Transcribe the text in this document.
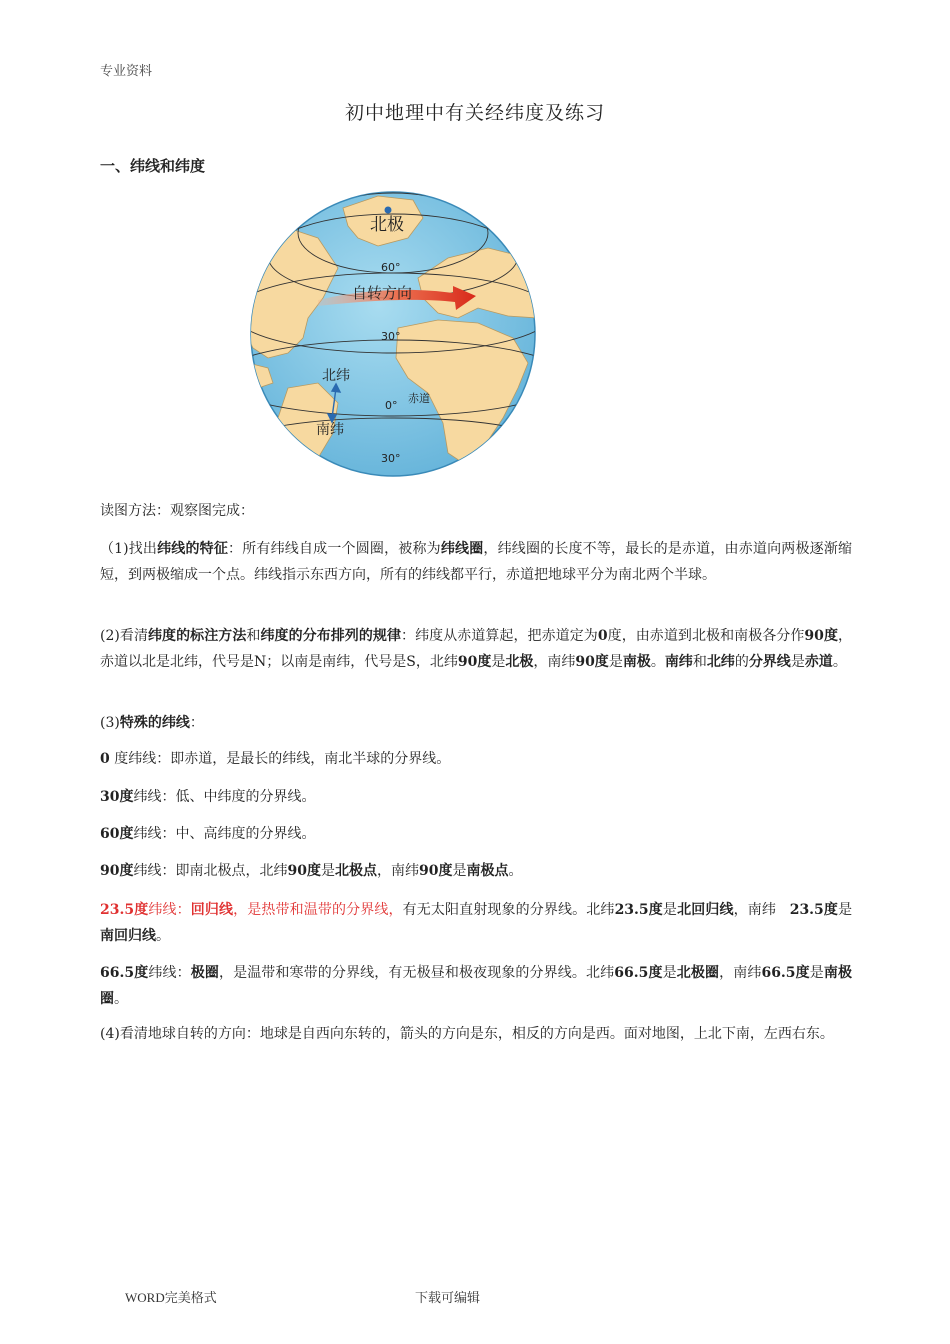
专业资料
初中地理中有关经纬度及练习
一、纬线和纬度
北极
60°
自转方向
30°
北纬
0°
赤道
南纬
30°
读图方法：观察图完成：
（1)找出纬线的特征：所有纬线自成一个圆圈，被称为纬线圈，纬线圈的长度不等，最长的是赤道，由赤道向两极逐渐缩短，到两极缩成一个点。纬线指示东西方向，所有的纬线都平行，赤道把地球平分为南北两个半球。
(2)看清纬度的标注方法和纬度的分布排列的规律：纬度从赤道算起，把赤道定为0度，由赤道到北极和南极各分作90度，赤道以北是北纬，代号是N；以南是南纬，代号是S，北纬90度是北极，南纬90度是南极。南纬和北纬的分界线是赤道。
(3)特殊的纬线：
0 度纬线：即赤道，是最长的纬线，南北半球的分界线。
30度纬线：低、中纬度的分界线。
60度纬线：中、高纬度的分界线。
90度纬线：即南北极点，北纬90度是北极点，南纬90度是南极点。
23.5度纬线：回归线，是热带和温带的分界线，有无太阳直射现象的分界线。北纬23.5度是北回归线，南纬 23.5度是南回归线。
66.5度纬线：极圈，是温带和寒带的分界线，有无极昼和极夜现象的分界线。北纬66.5度是北极圈，南纬66.5度是南极圈。
(4)看清地球自转的方向：地球是自西向东转的，箭头的方向是东，相反的方向是西。面对地图，上北下南，左西右东。
WORD完美格式	下载可编辑
